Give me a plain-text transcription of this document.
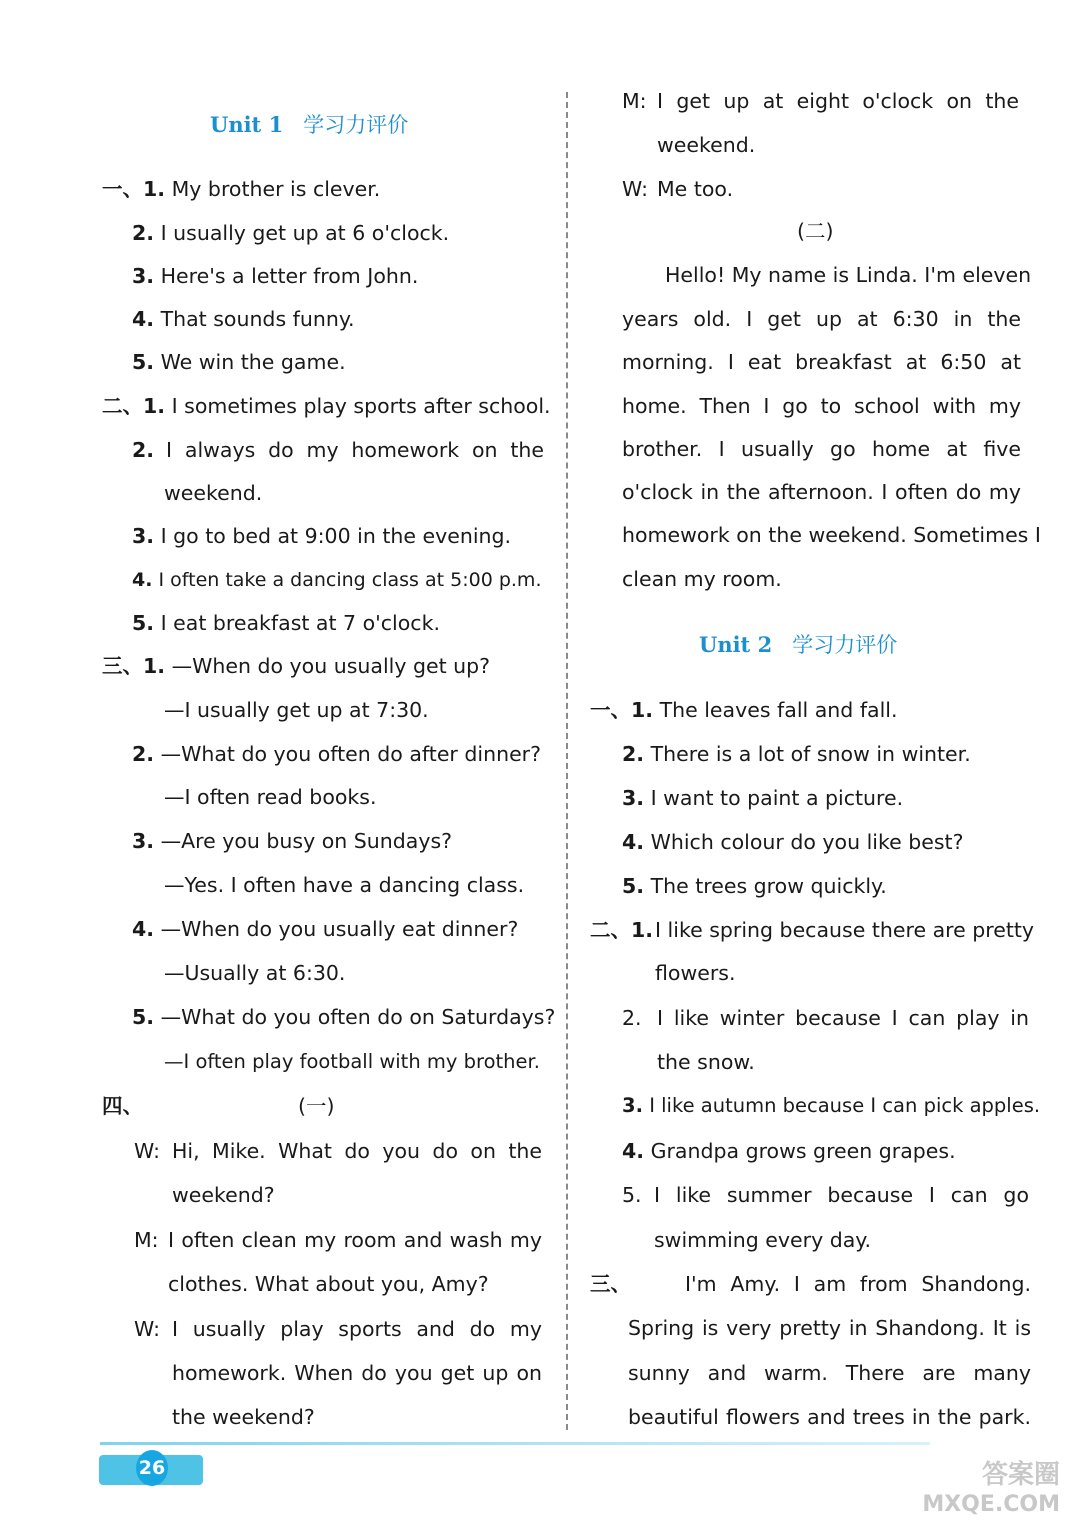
Unit 1 学习力评价
一、1. My brother is clever.
2. I usually get up at 6 o'clock.
3. Here's a letter from John.
4. That sounds funny.
5. We win the game.
二、1. I sometimes play sports after school.
2. I always do my homework on the
weekend.
3. I go to bed at 9:00 in the evening.
4. I often take a dancing class at 5:00 p.m.
5. I eat breakfast at 7 o'clock.
三、1. —When do you usually get up?
—I usually get up at 7:30.
2. —What do you often do after dinner?
—I often read books.
3. —Are you busy on Sundays?
—Yes. I often have a dancing class.
4. —When do you usually eat dinner?
—Usually at 6:30.
5. —What do you often do on Saturdays?
—I often play football with my brother.
四、	(一)
W: Hi, Mike. What do you do on the
weekend?
M: I often clean my room and wash my
clothes. What about you, Amy?
W: I usually play sports and do my
homework. When do you get up on
the weekend?
M: I get up at eight o'clock on the
weekend.
W: Me too.
(二)
Hello! My name is Linda. I'm eleven
years old. I get up at 6:30 in the
morning. I eat breakfast at 6:50 at
home. Then I go to school with my
brother. I usually go home at five
o'clock in the afternoon. I often do my
homework on the weekend. Sometimes I
clean my room.
Unit 2 学习力评价
一、1. The leaves fall and fall.
2. There is a lot of snow in winter.
3. I want to paint a picture.
4. Which colour do you like best?
5. The trees grow quickly.
二、1. I like spring because there are pretty
flowers.
2. I like winter because I can play in
the snow.
3. I like autumn because I can pick apples.
4. Grandpa grows green grapes.
5. I like summer because I can go
swimming every day.
三、	I'm Amy. I am from Shandong.
Spring is very pretty in Shandong. It is
sunny and warm. There are many
beautiful flowers and trees in the park.
26	答案圈
MXQE.COM
